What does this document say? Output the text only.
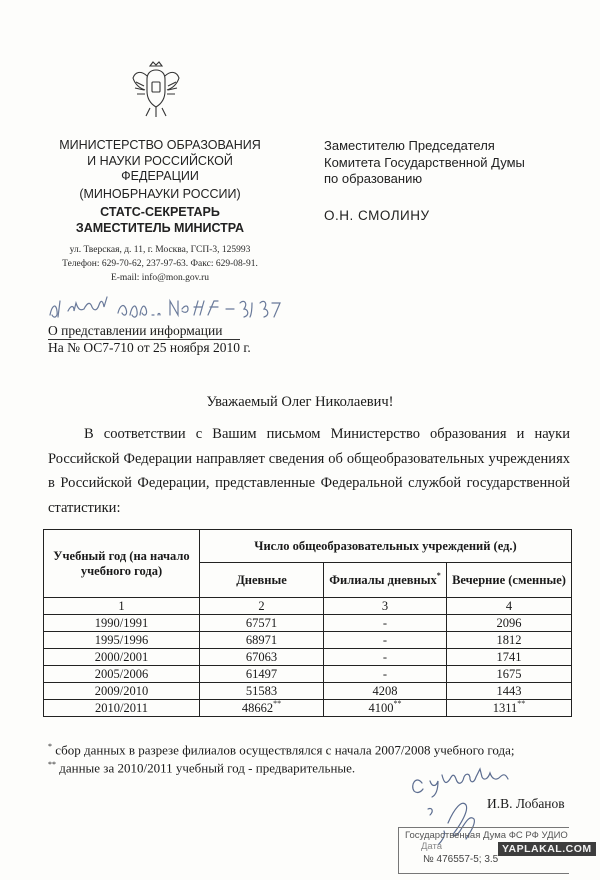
МИНИСТЕРСТВО ОБРАЗОВАНИЯ
И НАУКИ РОССИЙСКОЙ
ФЕДЕРАЦИИ
(МИНОБРНАУКИ РОССИИ)
СТАТС-СЕКРЕТАРЬ
ЗАМЕСТИТЕЛЬ МИНИСТРА
ул. Тверская, д. 11, г. Москва, ГСП-3, 125993
Телефон: 629-70-62, 237-97-63. Факс: 629-08-91.
E-mail: info@mon.gov.ru
Заместителю Председателя
Комитета Государственной Думы
по образованию
О.Н. СМОЛИНУ
О представлении информации
На № ОС7-710 от 25 ноября 2010 г.
Уважаемый Олег Николаевич!
В соответствии с Вашим письмом Министерство образования и науки Российской Федерации направляет сведения об общеобразовательных учреждениях в Российской Федерации, представленные Федеральной службой государственной статистики:
Учебный год (на начало учебного года)	Число общеобразовательных учреждений (ед.)		
	Дневные	Филиалы дневных*	Вечерние (сменные)
1	2	3	4
1990/1991	67571	-	2096
1995/1996	68971	-	1812
2000/2001	67063	-	1741
2005/2006	61497	-	1675
2009/2010	51583	4208	1443
2010/2011	48662**	4100**	1311**
* сбор данных в разрезе филиалов осуществлялся с начала 2007/2008 учебного года;
** данные за 2010/2011 учебный год - предварительные.
И.В. Лобанов
Государственная Дума ФС РФ УДИО
Дата
№ 476557-5; 3.5
YAPLAKAL.COM
